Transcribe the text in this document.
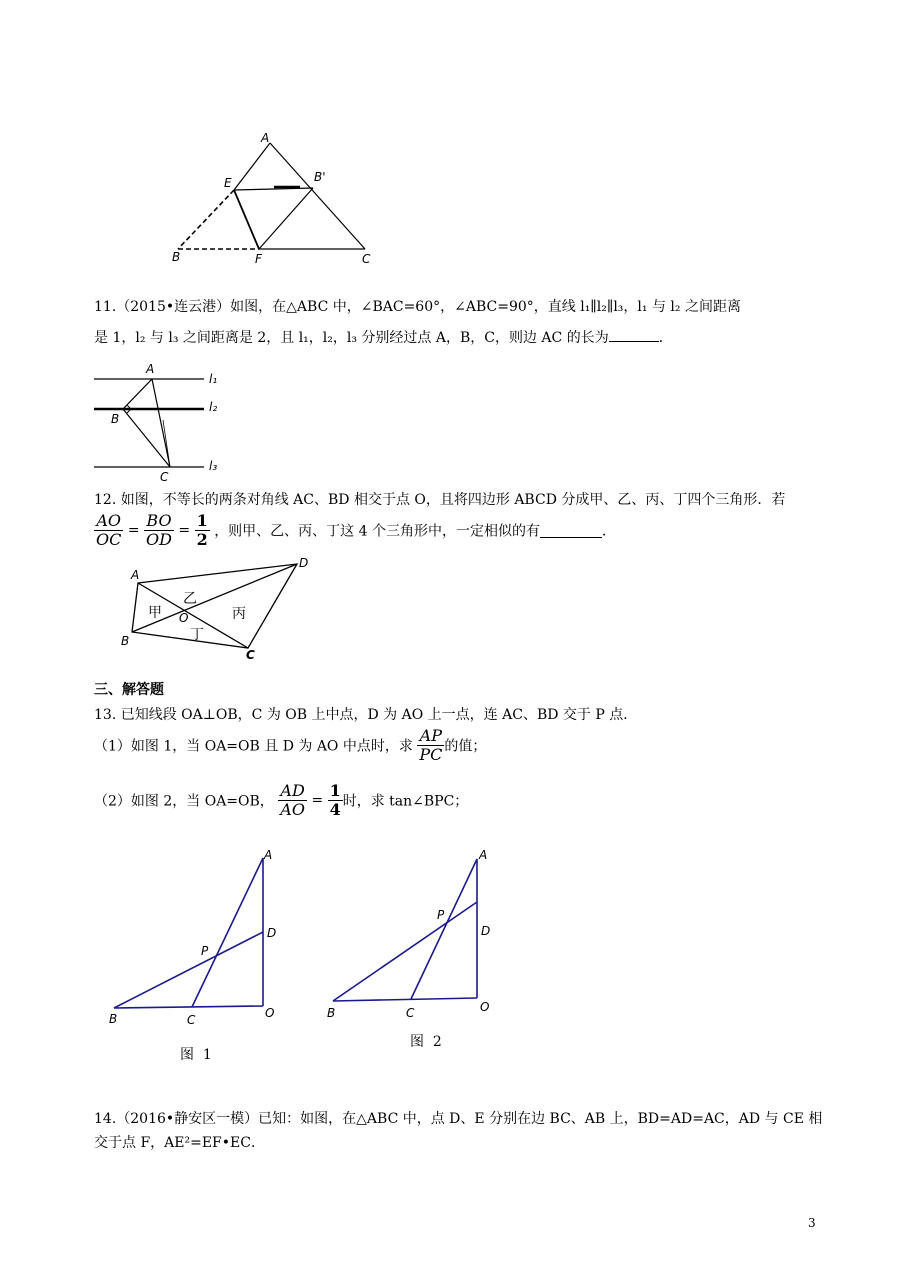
A
E	B'
B	F	C
11.（2015•连云港）如图，在△ABC 中，∠BAC=60°，∠ABC=90°，直线 l₁∥l₂∥l₃，l₁ 与 l₂ 之间距离
是 1，l₂ 与 l₃ 之间距离是 2，且 l₁，l₂，l₃ 分别经过点 A，B，C，则边 AC 的长为	．
A
B
C
l₁
l₂
l₃
12. 如图，不等长的两条对角线 AC、BD 相交于点 O，且将四边形 ABCD 分成甲、乙、丙、丁四个三角形．若
$\frac{AO}{OC} = \frac{BO}{OD} = \frac{1}{2}$ ，则甲、乙、丙、丁这 4 个三角形中，一定相似的有	．
A
D
B
C
O
甲
乙
丙
丁
三、解答题
13. 已知线段 OA⊥OB，C 为 OB 上中点，D 为 AO 上一点，连 AC、BD 交于 P 点．
（1）如图 1，当 OA=OB 且 D 为 AO 中点时，求 $\frac{AP}{PC}$ 的值；
（2）如图 2，当 OA=OB， $\frac{AD}{AO} = \frac{1}{4}$ 时，求 tan∠BPC；
A
D
P
B	C	O
图  1
A
D
P
B	C	O
图  2
14.（2016•静安区一模）已知：如图，在△ABC 中，点 D、E 分别在边 BC、AB 上，BD=AD=AC，AD 与 CE 相
交于点 F，AE²=EF•EC．
3
